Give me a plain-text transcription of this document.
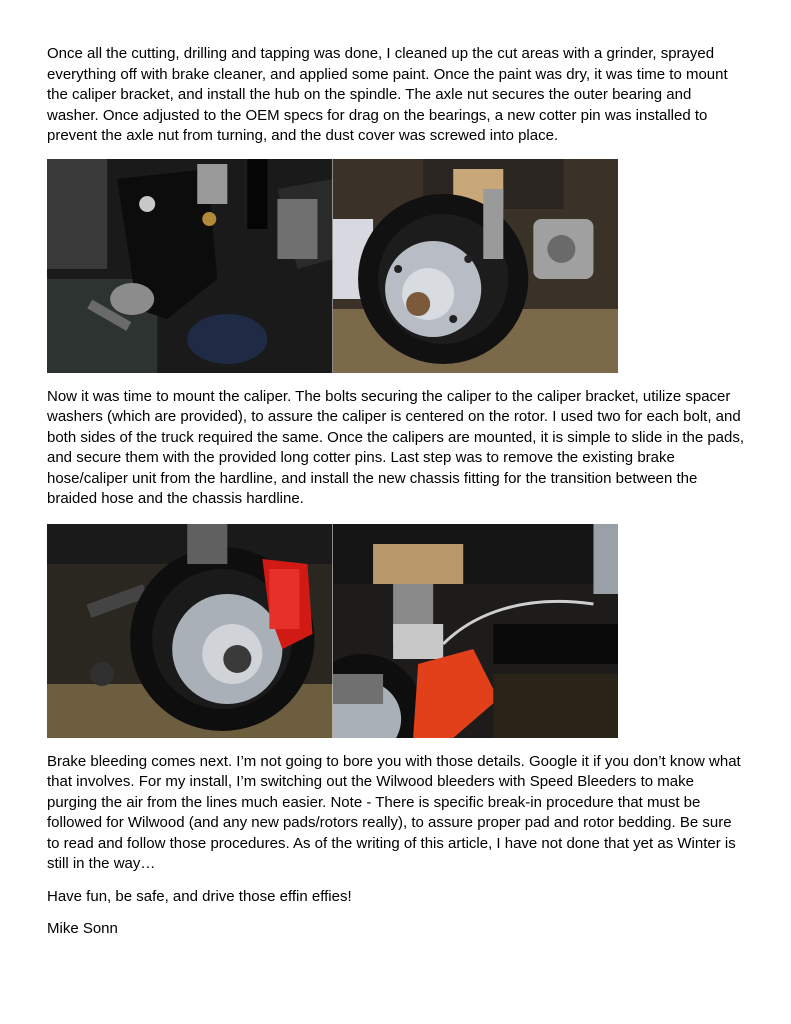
Once all the cutting, drilling and tapping was done, I cleaned up the cut areas with a grinder, sprayed everything off with brake cleaner, and applied some paint. Once the paint was dry, it was time to mount the caliper bracket, and install the hub on the spindle. The axle nut secures the outer bearing and washer. Once adjusted to the OEM specs for drag on the bearings, a new cotter pin was installed to prevent the axle nut from turning, and the dust cover was screwed into place.

Now it was time to mount the caliper. The bolts securing the caliper to the caliper bracket, utilize spacer washers (which are provided), to assure the caliper is centered on the rotor. I used two for each bolt, and both sides of the truck required the same. Once the calipers are mounted, it is simple to slide in the pads, and secure them with the provided long cotter pins. Last step was to remove the existing brake hose/caliper unit from the hardline, and install the new chassis fitting for the transition between the braided hose and the chassis hardline.

Brake bleeding comes next. I’m not going to bore you with those details. Google it if you don’t know what that involves. For my install, I’m switching out the Wilwood bleeders with Speed Bleeders to make purging the air from the lines much easier. Note - There is specific break-in procedure that must be followed for Wilwood (and any new pads/rotors really), to assure proper pad and rotor bedding. Be sure to read and follow those procedures. As of the writing of this article, I have not done that yet as Winter is still in the way…

Have fun, be safe, and drive those effin effies!

Mike Sonn
